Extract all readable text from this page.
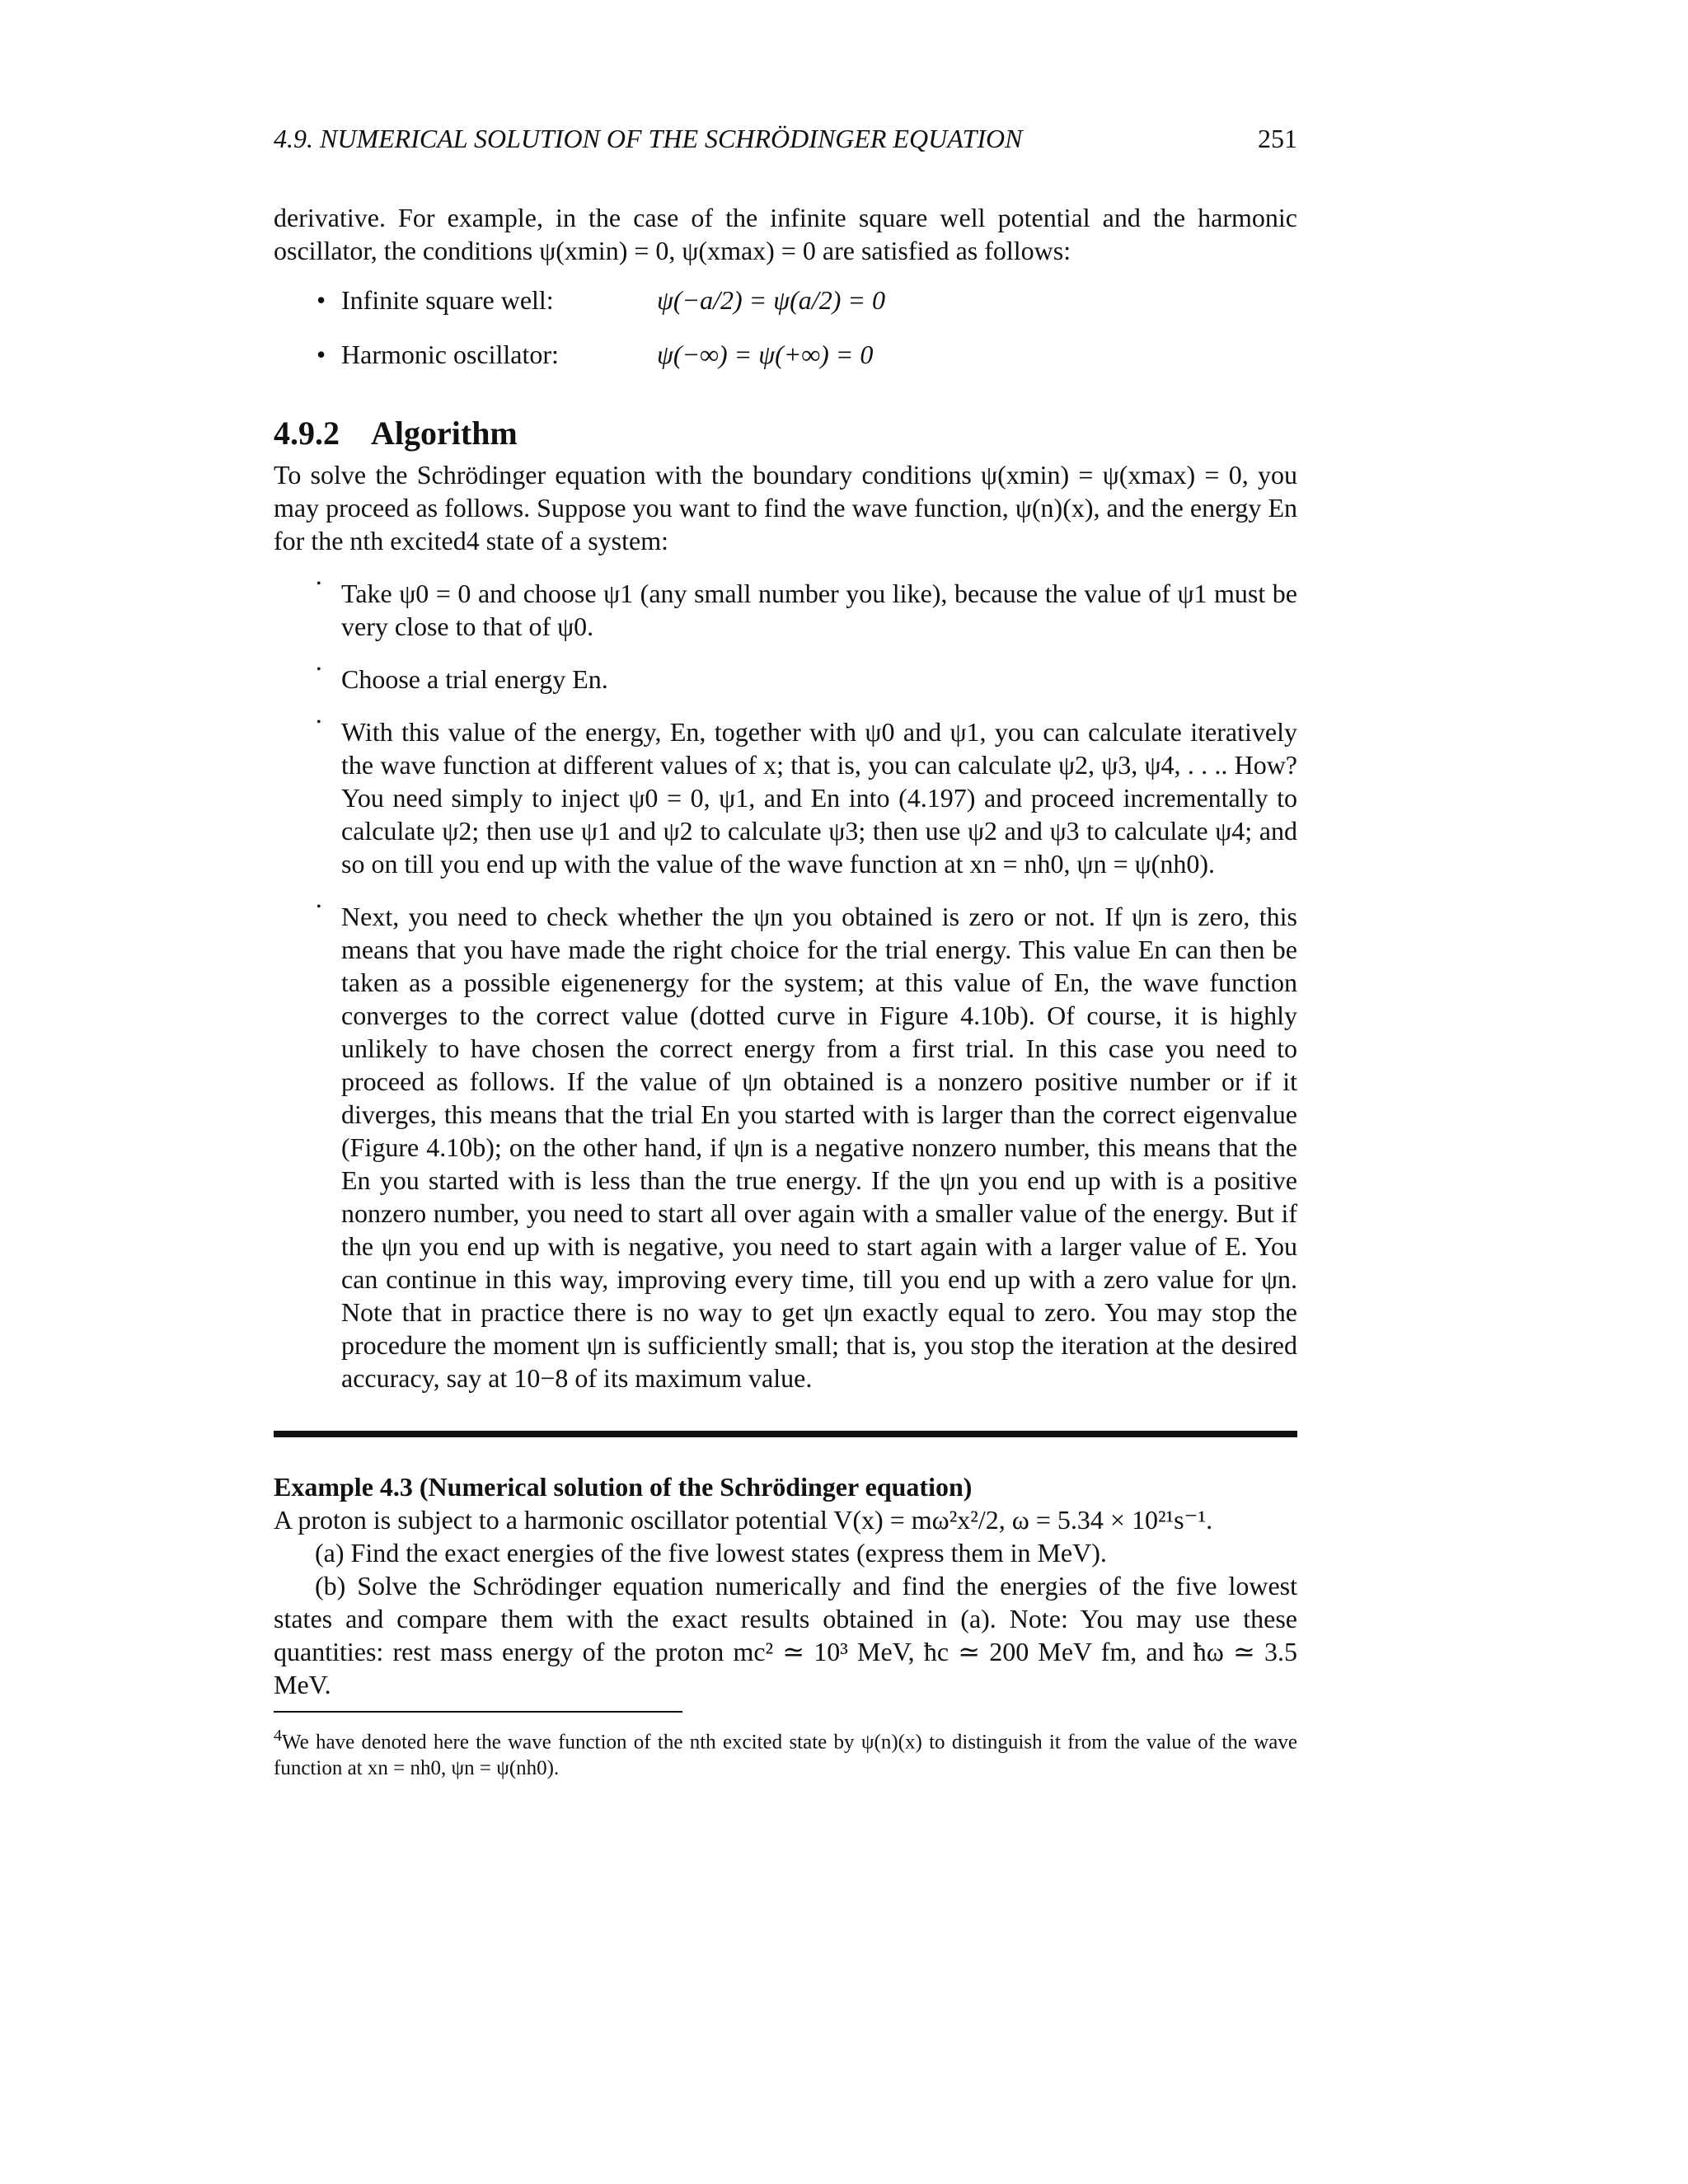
4.9. NUMERICAL SOLUTION OF THE SCHRÖDINGER EQUATION	251

derivative. For example, in the case of the infinite square well potential and the harmonic oscillator, the conditions ψ(xmin) = 0, ψ(xmax) = 0 are satisfied as follows:

• Infinite square well:	ψ(−a/2) = ψ(a/2) = 0
• Harmonic oscillator:	ψ(−∞) = ψ(+∞) = 0
4.9.2 Algorithm

To solve the Schrödinger equation with the boundary conditions ψ(xmin) = ψ(xmax) = 0, you may proceed as follows. Suppose you want to find the wave function, ψ(n)(x), and the energy En for the nth excited4 state of a system:

• Take ψ0 = 0 and choose ψ1 (any small number you like), because the value of ψ1 must be very close to that of ψ0.

• Choose a trial energy En.

• With this value of the energy, En, together with ψ0 and ψ1, you can calculate iteratively the wave function at different values of x; that is, you can calculate ψ2, ψ3, ψ4, . . .. How? You need simply to inject ψ0 = 0, ψ1, and En into (4.197) and proceed incrementally to calculate ψ2; then use ψ1 and ψ2 to calculate ψ3; then use ψ2 and ψ3 to calculate ψ4; and so on till you end up with the value of the wave function at xn = nh0, ψn = ψ(nh0).

• Next, you need to check whether the ψn you obtained is zero or not. If ψn is zero, this means that you have made the right choice for the trial energy. This value En can then be taken as a possible eigenenergy for the system; at this value of En, the wave function converges to the correct value (dotted curve in Figure 4.10b). Of course, it is highly unlikely to have chosen the correct energy from a first trial. In this case you need to proceed as follows. If the value of ψn obtained is a nonzero positive number or if it diverges, this means that the trial En you started with is larger than the correct eigenvalue (Figure 4.10b); on the other hand, if ψn is a negative nonzero number, this means that the En you started with is less than the true energy. If the ψn you end up with is a positive nonzero number, you need to start all over again with a smaller value of the energy. But if the ψn you end up with is negative, you need to start again with a larger value of E. You can continue in this way, improving every time, till you end up with a zero value for ψn. Note that in practice there is no way to get ψn exactly equal to zero. You may stop the procedure the moment ψn is sufficiently small; that is, you stop the iteration at the desired accuracy, say at 10−8 of its maximum value.

Example 4.3 (Numerical solution of the Schrödinger equation)

A proton is subject to a harmonic oscillator potential V(x) = mω²x²/2, ω = 5.34 × 10²¹s⁻¹.

(a) Find the exact energies of the five lowest states (express them in MeV).

(b) Solve the Schrödinger equation numerically and find the energies of the five lowest states and compare them with the exact results obtained in (a). Note: You may use these quantities: rest mass energy of the proton mc² ≃ 10³ MeV, ħc ≃ 200 MeV fm, and ħω ≃ 3.5 MeV.

$^4$We have denoted here the wave function of the nth excited state by ψ(n)(x) to distinguish it from the value of the wave function at xn = nh0, ψn = ψ(nh0).
